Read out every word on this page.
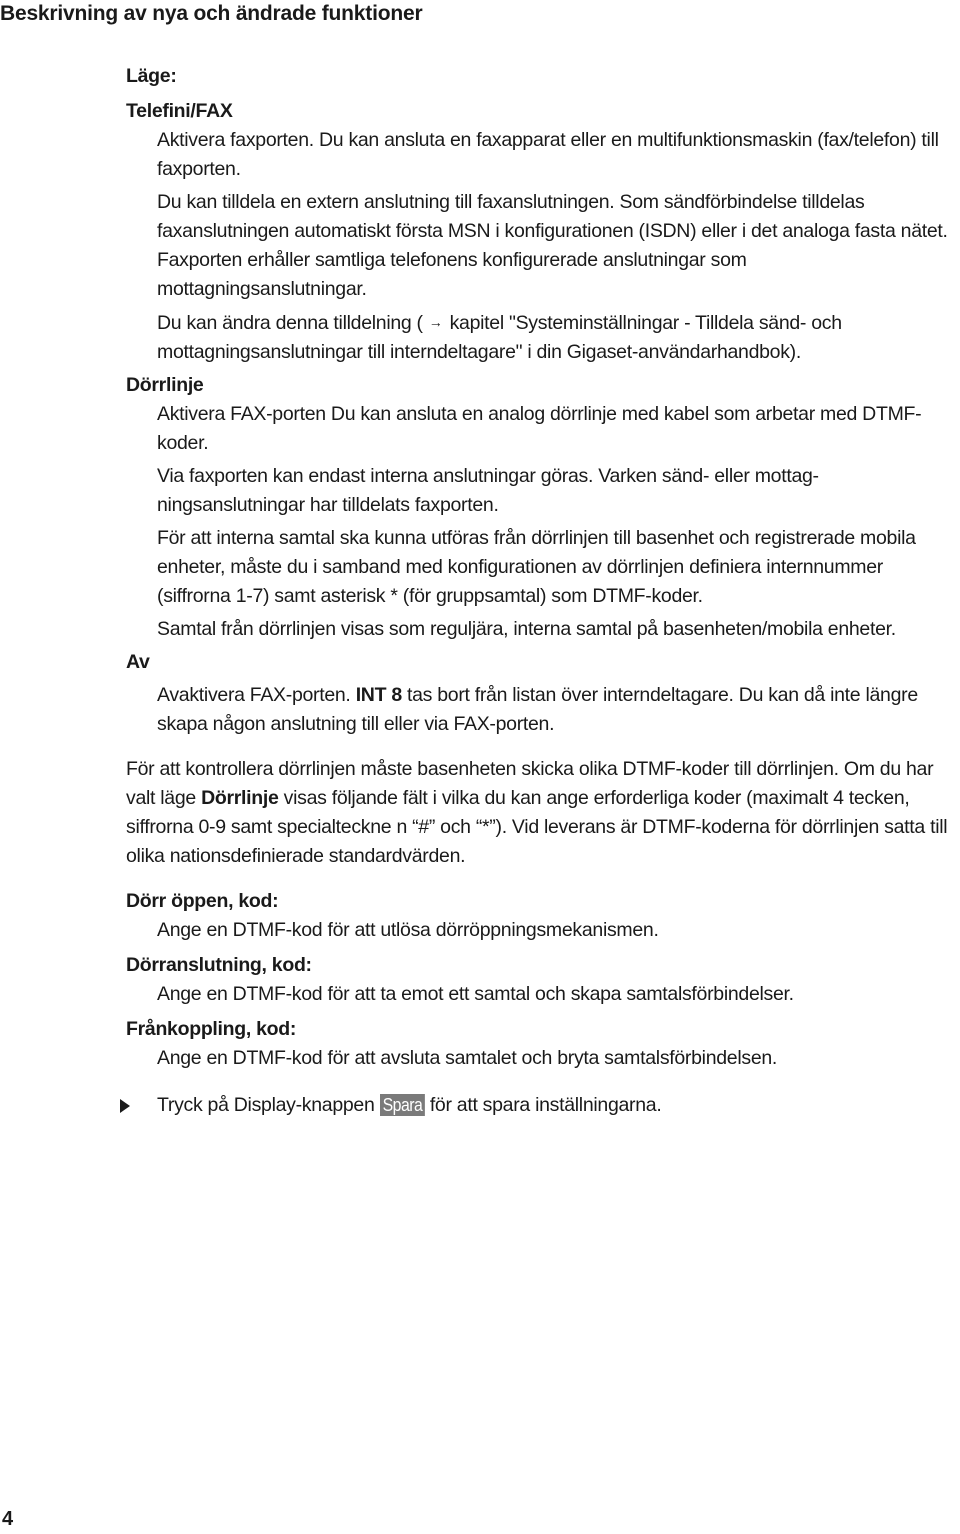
Beskrivning av nya och ändrade funktioner

Läge:

Telefini/FAX

Aktivera faxporten. Du kan ansluta en faxapparat eller en multifunktionsmaskin (fax/telefon) till faxporten.

Du kan tilldela en extern anslutning till faxanslutningen. Som sändförbindelse tilldelas faxanslutningen automatiskt första MSN i konfigurationen (ISDN) eller i det analoga fasta nätet. Faxporten erhåller samtliga telefonens konfigurerade anslutningar som mottagningsanslutningar.

Du kan ändra denna tilldelning ( → kapitel "Systeminställningar - Tilldela sänd- och mottagningsanslutningar till interndeltagare" i din Gigaset-användarhandbok).

Dörrlinje

Aktivera FAX-porten Du kan ansluta en analog dörrlinje med kabel som arbetar med DTMF-koder.

Via faxporten kan endast interna anslutningar göras. Varken sänd- eller mottagningsanslutningar har tilldelats faxporten.

För att interna samtal ska kunna utföras från dörrlinjen till basenhet och registrerade mobila enheter, måste du i samband med konfigurationen av dörrlinjen definiera internnummer (siffrorna 1-7) samt asterisk * (för gruppsamtal) som DTMF-koder.

Samtal från dörrlinjen visas som reguljära, interna samtal på basenheten/mobila enheter.

Av

Avaktivera FAX-porten. INT 8 tas bort från listan över interndeltagare. Du kan då inte längre skapa någon anslutning till eller via FAX-porten.

För att kontrollera dörrlinjen måste basenheten skicka olika DTMF-koder till dörrlinjen. Om du har valt läge Dörrlinje visas följande fält i vilka du kan ange erforderliga koder (maximalt 4 tecken, siffrorna 0-9 samt specialteckne n “#” och “*”). Vid leverans är DTMF-koderna för dörrlinjen satta till olika nationsdefinierade standardvärden.

Dörr öppen, kod:

Ange en DTMF-kod för att utlösa dörröppningsmekanismen.

Dörranslutning, kod:

Ange en DTMF-kod för att ta emot ett samtal och skapa samtalsförbindelser.

Frånkoppling, kod:

Ange en DTMF-kod för att avsluta samtalet och bryta samtalsförbindelsen.

Tryck på Display-knappen Spara för att spara inställningarna.

4
